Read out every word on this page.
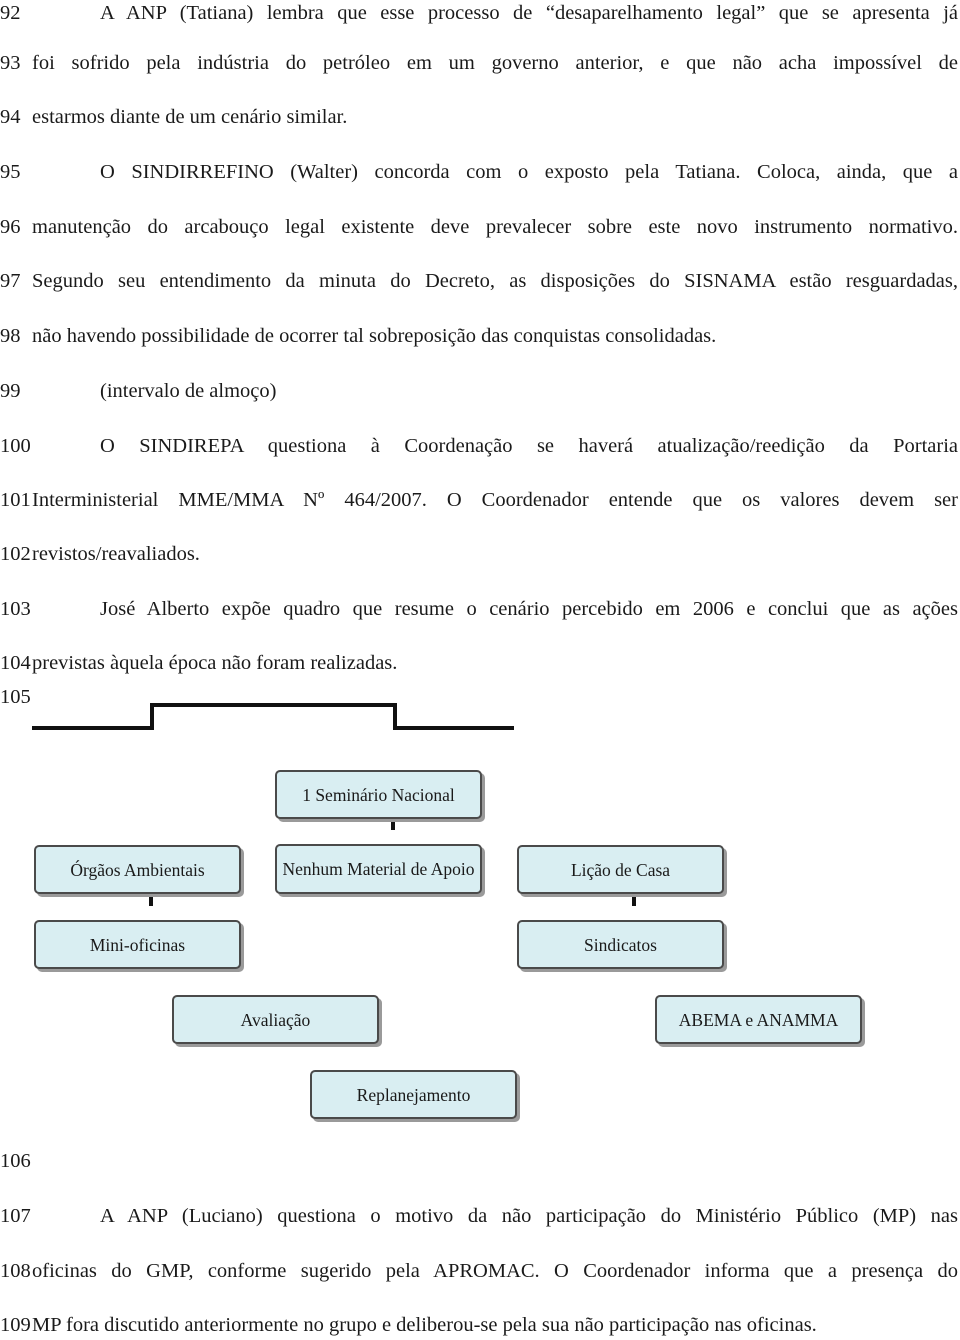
92	A ANP (Tatiana) lembra que esse processo de “desaparelhamento legal” que se apresenta já
93 foi sofrido pela indústria do petróleo em um governo anterior, e que não acha impossível de
94 estarmos diante de um cenário similar.
95	O SINDIRREFINO (Walter) concorda com o exposto pela Tatiana. Coloca, ainda, que a
96 manutenção do arcabouço legal existente deve prevalecer sobre este novo instrumento normativo.
97 Segundo seu entendimento da minuta do Decreto, as disposições do SISNAMA estão resguardadas,
98 não havendo possibilidade de ocorrer tal sobreposição das conquistas consolidadas.
99	(intervalo de almoço)
100	O SINDIREPA questiona à Coordenação se haverá atualização/reedição da Portaria
101 Interministerial MME/MMA Nº 464/2007. O Coordenador entende que os valores devem ser
102 revistos/reavaliados.
103	José Alberto expõe quadro que resume o cenário percebido em 2006 e conclui que as ações
104 previstas àquela época não foram realizadas.
105
1 Seminário Nacional
Órgãos Ambientais	Nenhum Material de Apoio	Lição de Casa
Mini-oficinas	Sindicatos
Avaliação	ABEMA e ANAMMA
Replanejamento
106
107	A ANP (Luciano) questiona o motivo da não participação do Ministério Público (MP) nas
108 oficinas do GMP, conforme sugerido pela APROMAC. O Coordenador informa que a presença do
109 MP fora discutido anteriormente no grupo e deliberou-se pela sua não participação nas oficinas.
